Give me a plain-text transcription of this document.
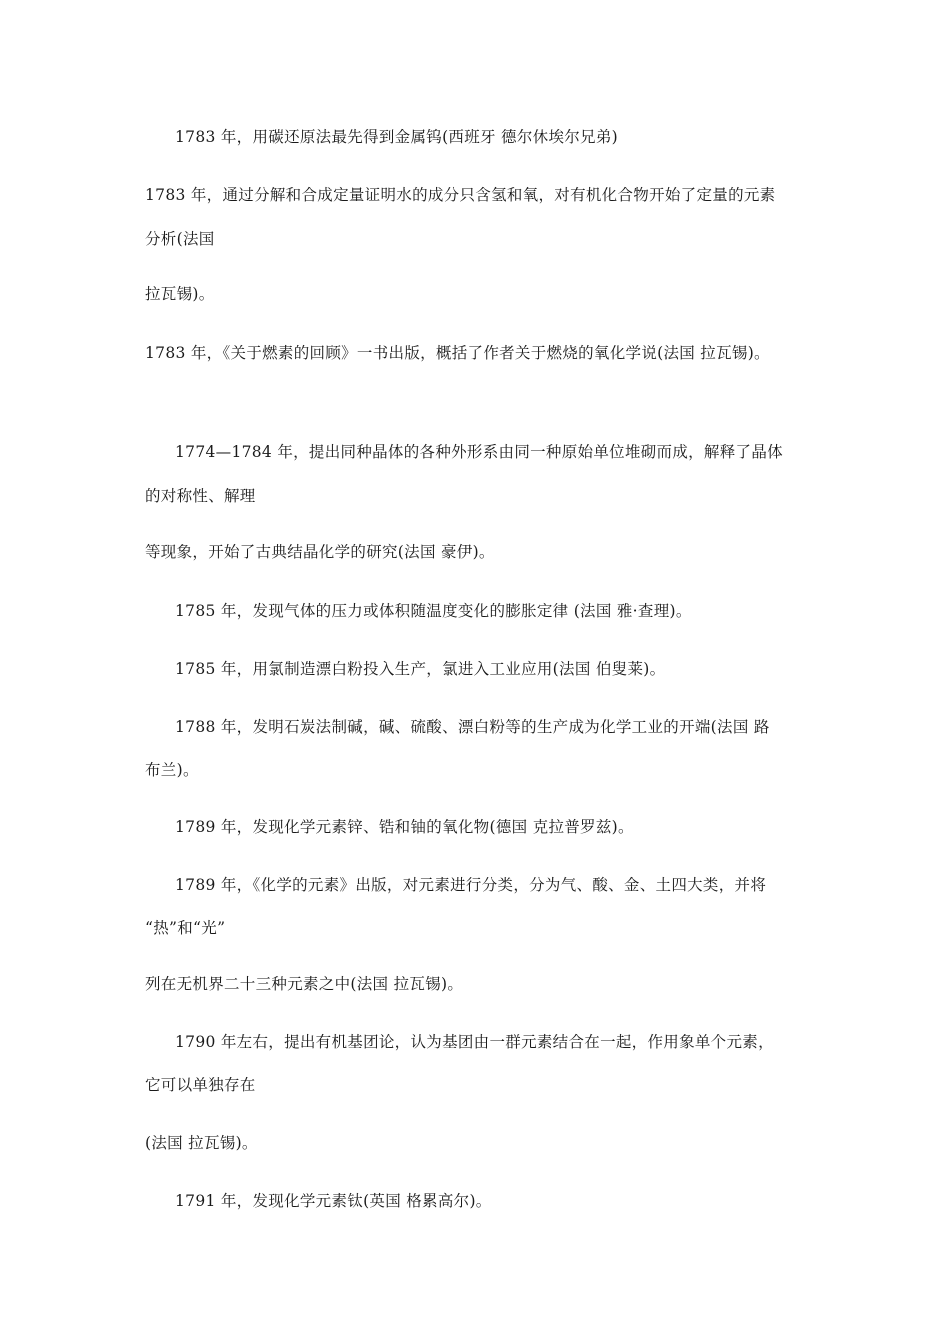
1783 年，用碳还原法最先得到金属钨(西班牙 德尔休埃尔兄弟)
1783 年，通过分解和合成定量证明水的成分只含氢和氧，对有机化合物开始了定量的元素
分析(法国
拉瓦锡)。
1783 年，《关于燃素的回顾》一书出版，概括了作者关于燃烧的氧化学说(法国 拉瓦锡)。
1774—1784 年，提出同种晶体的各种外形系由同一种原始单位堆砌而成，解释了晶体
的对称性、解理
等现象，开始了古典结晶化学的研究(法国 豪伊)。
1785 年，发现气体的压力或体积随温度变化的膨胀定律 (法国 雅·查理)。
1785 年，用氯制造漂白粉投入生产，氯进入工业应用(法国 伯叟莱)。
1788 年，发明石炭法制碱，碱、硫酸、漂白粉等的生产成为化学工业的开端(法国 路
布兰)。
1789 年，发现化学元素锌、锆和铀的氧化物(德国 克拉普罗兹)。
1789 年，《化学的元素》出版，对元素进行分类，分为气、酸、金、土四大类，并将
“热”和“光”
列在无机界二十三种元素之中(法国 拉瓦锡)。
1790 年左右，提出有机基团论，认为基团由一群元素结合在一起，作用象单个元素，
它可以单独存在
(法国 拉瓦锡)。
1791 年，发现化学元素钛(英国 格累高尔)。
